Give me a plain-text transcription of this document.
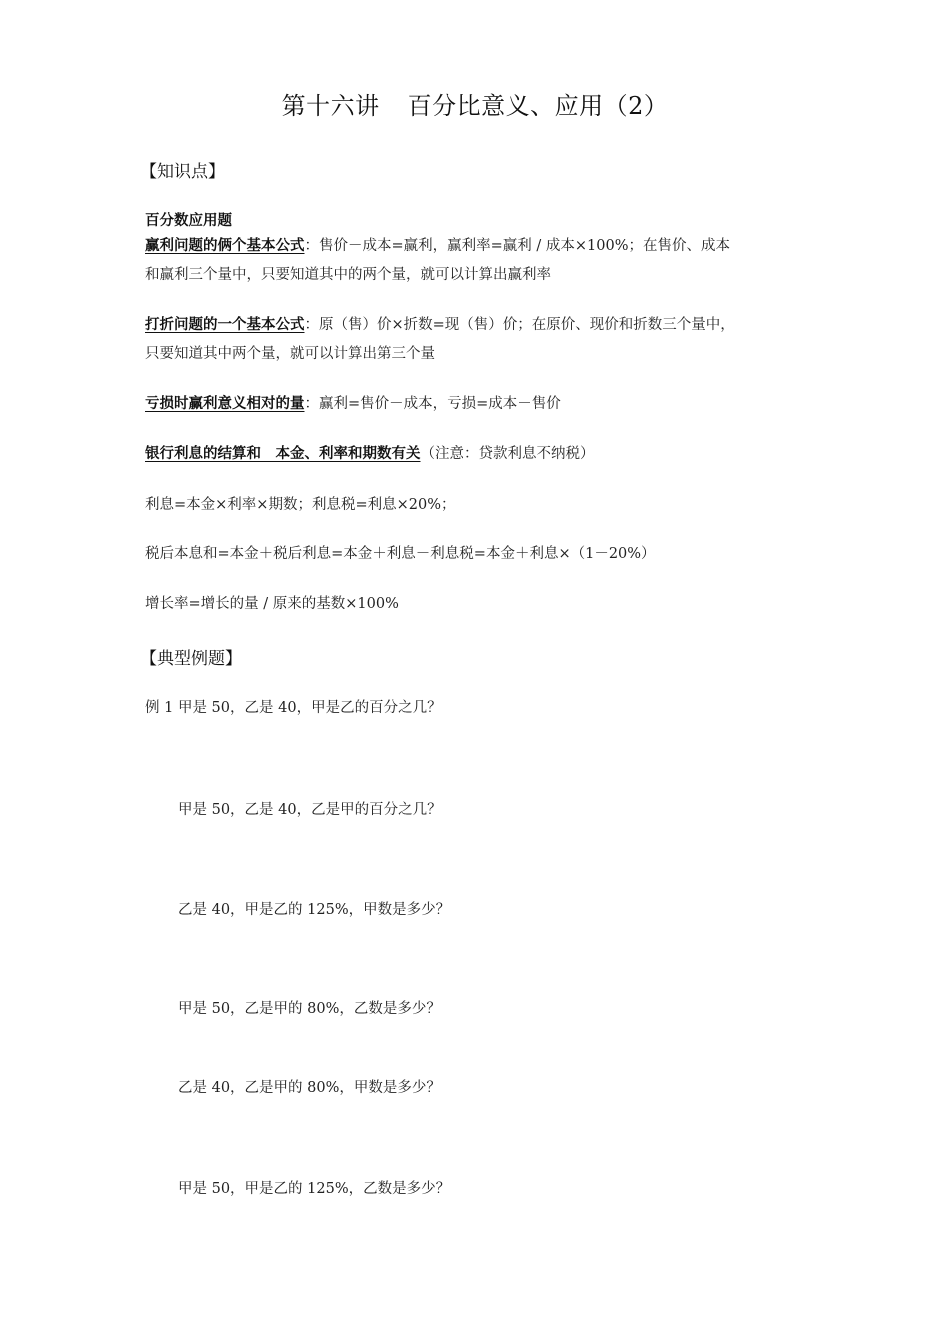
第十六讲 百分比意义、应用（2）
【知识点】
百分数应用题
赢利问题的俩个基本公式：售价－成本=赢利，赢利率=赢利 / 成本×100%；在售价、成本
和赢利三个量中，只要知道其中的两个量，就可以计算出赢利率
打折问题的一个基本公式：原（售）价×折数=现（售）价；在原价、现价和折数三个量中，
只要知道其中两个量，就可以计算出第三个量
亏损时赢利意义相对的量：赢利=售价－成本，亏损=成本－售价
银行利息的结算和　本金、利率和期数有关（注意：贷款利息不纳税）
利息=本金×利率×期数；利息税=利息×20%；
税后本息和=本金＋税后利息=本金＋利息－利息税=本金＋利息×（1－20%）
增长率=增长的量 / 原来的基数×100%
【典型例题】
例 1 甲是 50，乙是 40，甲是乙的百分之几？
甲是 50，乙是 40，乙是甲的百分之几？
乙是 40，甲是乙的 125%，甲数是多少？
甲是 50，乙是甲的 80%，乙数是多少？
乙是 40，乙是甲的 80%，甲数是多少？
甲是 50，甲是乙的 125%，乙数是多少？
